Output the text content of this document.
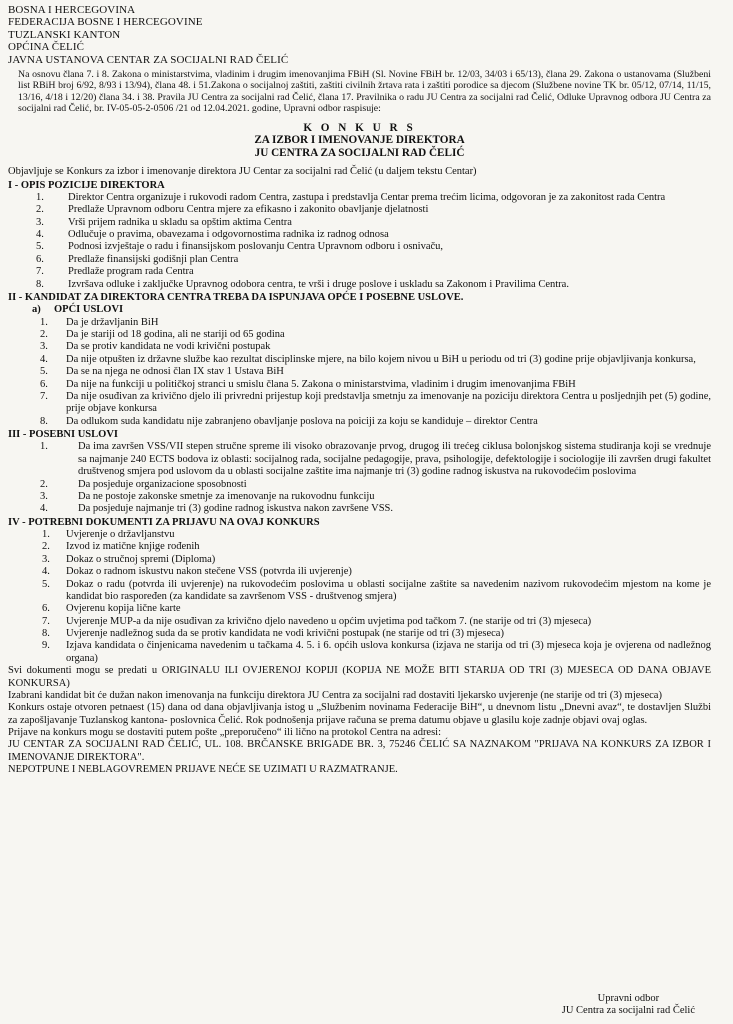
BOSNA I HERCEGOVINA
FEDERACIJA BOSNE I HERCEGOVINE
TUZLANSKI KANTON
OPĆINA ČELIĆ
JAVNA USTANOVA CENTAR ZA SOCIJALNI RAD ČELIĆ
Na osnovu člana 7. i 8. Zakona o ministarstvima, vladinim i drugim imenovanjima FBiH (Sl. Novine FBiH br. 12/03, 34/03 i 65/13), člana 29. Zakona o ustanovama (Službeni list RBiH broj 6/92, 8/93 i 13/94), člana 48. i 51.Zakona o socijalnoj zaštiti, zaštiti civilnih žrtava rata i zaštiti porodice sa djecom (Službene novine TK br. 05/12, 07/14, 11/15, 13/16, 4/18 i 12/20) člana 34. i 38. Pravila JU Centra za socijalni rad Čelić, člana 17. Pravilnika o radu JU Centra za socijalni rad Čelić, Odluke Upravnog odbora JU Centra za socijalni rad Čelić, br. IV-05-05-2-0506 /21 od 12.04.2021. godine, Upravni odbor raspisuje:
K O N K U R S
ZA IZBOR I IMENOVANJE DIREKTORA
JU CENTRA ZA SOCIJALNI RAD ČELIĆ
Objavljuje se Konkurs za izbor i imenovanje direktora JU Centar za socijalni rad Čelić (u daljem tekstu Centar)
I - OPIS POZICIJE DIREKTORA
1.	Direktor Centra organizuje i rukovodi radom Centra, zastupa i predstavlja Centar prema trećim licima, odgovoran je za zakonitost rada Centra
2.	Predlaže Upravnom odboru Centra mjere za efikasno i zakonito obavljanje djelatnosti
3.	Vrši prijem radnika u skladu sa opštim aktima Centra
4.	Odlučuje o pravima, obavezama i odgovornostima radnika iz radnog odnosa
5.	Podnosi izvještaje o radu i finansijskom poslovanju Centra Upravnom odboru i osnivaču,
6.	Predlaže finansijski godišnji plan Centra
7.	Predlaže program rada Centra
8.	Izvršava odluke i zaključke Upravnog odobora centra, te vrši i druge poslove i uskladu sa Zakonom i Pravilima Centra.
II - KANDIDAT ZA DIREKTORA CENTRA TREBA DA ISPUNJAVA OPĆE I POSEBNE USLOVE.
a) OPĆI USLOVI
1.	Da je državljanin BiH
2.	Da je stariji od 18 godina, ali ne stariji od 65 godina
3.	Da se protiv kandidata ne vodi krivični postupak
4.	Da nije otpušten iz državne službe kao rezultat disciplinske mjere, na bilo kojem nivou u BiH u periodu od tri (3) godine prije objavljivanja konkursa,
5.	Da se na njega ne odnosi član IX stav 1 Ustava BiH
6.	Da nije na funkciji u političkoj stranci u smislu člana 5. Zakona o ministarstvima, vladinim i drugim imenovanjima FBiH
7.	Da nije osuđivan za krivično djelo ili privredni prijestup koji predstavlja smetnju za imenovanje na poziciju direktora Centra u posljednjih pet (5) godine, prije objave konkursa
8.	Da odlukom suda kandidatu nije zabranjeno obavljanje poslova na poiciji za koju se kandiduje – direktor Centra
III - POSEBNI USLOVI
1.	Da ima završen VSS/VII stepen stručne spreme ili visoko obrazovanje prvog, drugog ili trećeg ciklusa bolonjskog sistema studiranja koji se vrednuje sa najmanje 240 ECTS bodova iz oblasti: socijalnog rada, socijalne pedagogije, prava, psihologije, defektologije i sociologije ili završen drugi fakultet društvenog smjera pod uslovom da u oblasti socijalne zaštite ima najmanje tri (3) godine radnog iskustva na rukovodećim poslovima
2.	Da posjeduje organizacione sposobnosti
3.	Da ne postoje zakonske smetnje za imenovanje na rukovodnu funkciju
4.	Da posjeduje najmanje tri (3) godine radnog iskustva nakon završene VSS.
IV - POTREBNI DOKUMENTI ZA PRIJAVU NA OVAJ KONKURS
1.	Uvjerenje o državljanstvu
2.	Izvod iz matične knjige rođenih
3.	Dokaz o stručnoj spremi (Diploma)
4.	Dokaz o radnom iskustvu nakon stečene VSS (potvrda ili uvjerenje)
5.	Dokaz o radu (potvrda ili uvjerenje) na rukovodećim poslovima u oblasti socijalne zaštite sa navedenim nazivom rukovodećim mjestom na kome je kandidat bio raspoređen (za kandidate sa završenom VSS - društvenog smjera)
6.	Ovjerenu kopija lične karte
7.	Uvjerenje MUP-a da nije osuđivan za krivično djelo navedeno u općim uvjetima pod tačkom 7. (ne starije od tri (3) mjeseca)
8.	Uvjerenje nadležnog suda da se protiv kandidata ne vodi krivični postupak (ne starije od tri (3) mjeseca)
9.	Izjava kandidata o činjenicama navedenim u tačkama 4. 5. i 6. općih uslova konkursa (izjava ne starija od tri (3) mjeseca koja je ovjerena od nadležnog organa)

Svi dokumenti mogu se predati u ORIGINALU ILI OVJERENOJ KOPIJI (KOPIJA NE MOŽE BITI STARIJA OD TRI (3) MJESECA OD DANA OBJAVE KONKURSA)

Izabrani kandidat bit će dužan nakon imenovanja na funkciju direktora JU Centra za socijalni rad dostaviti ljekarsko uvjerenje (ne starije od tri (3) mjeseca)

Konkurs ostaje otvoren petnaest (15) dana od dana objavljivanja istog u „Službenim novinama Federacije BiH“, u dnevnom listu „Dnevni avaz“, te dostavljen Službi za zapošljavanje Tuzlanskog kantona- poslovnica Čelić. Rok podnošenja prijave računa se prema datumu objave u glasilu koje zadnje objavi ovaj oglas.

Prijave na konkurs mogu se dostaviti putem pošte „preporučeno“ ili lično na protokol Centra na adresi:

JU CENTAR ZA SOCIJALNI RAD ČELIĆ, UL. 108. BRČANSKE BRIGADE BR. 3, 75246 ČELIĆ SA NAZNAKOM "PRIJAVA NA KONKURS ZA IZBOR I IMENOVANJE DIREKTORA".

NEPOTPUNE I NEBLAGOVREMEN PRIJAVE NEĆE SE UZIMATI U RAZMATRANJE.

Upravni odbor
JU Centra za socijalni rad Čelić
